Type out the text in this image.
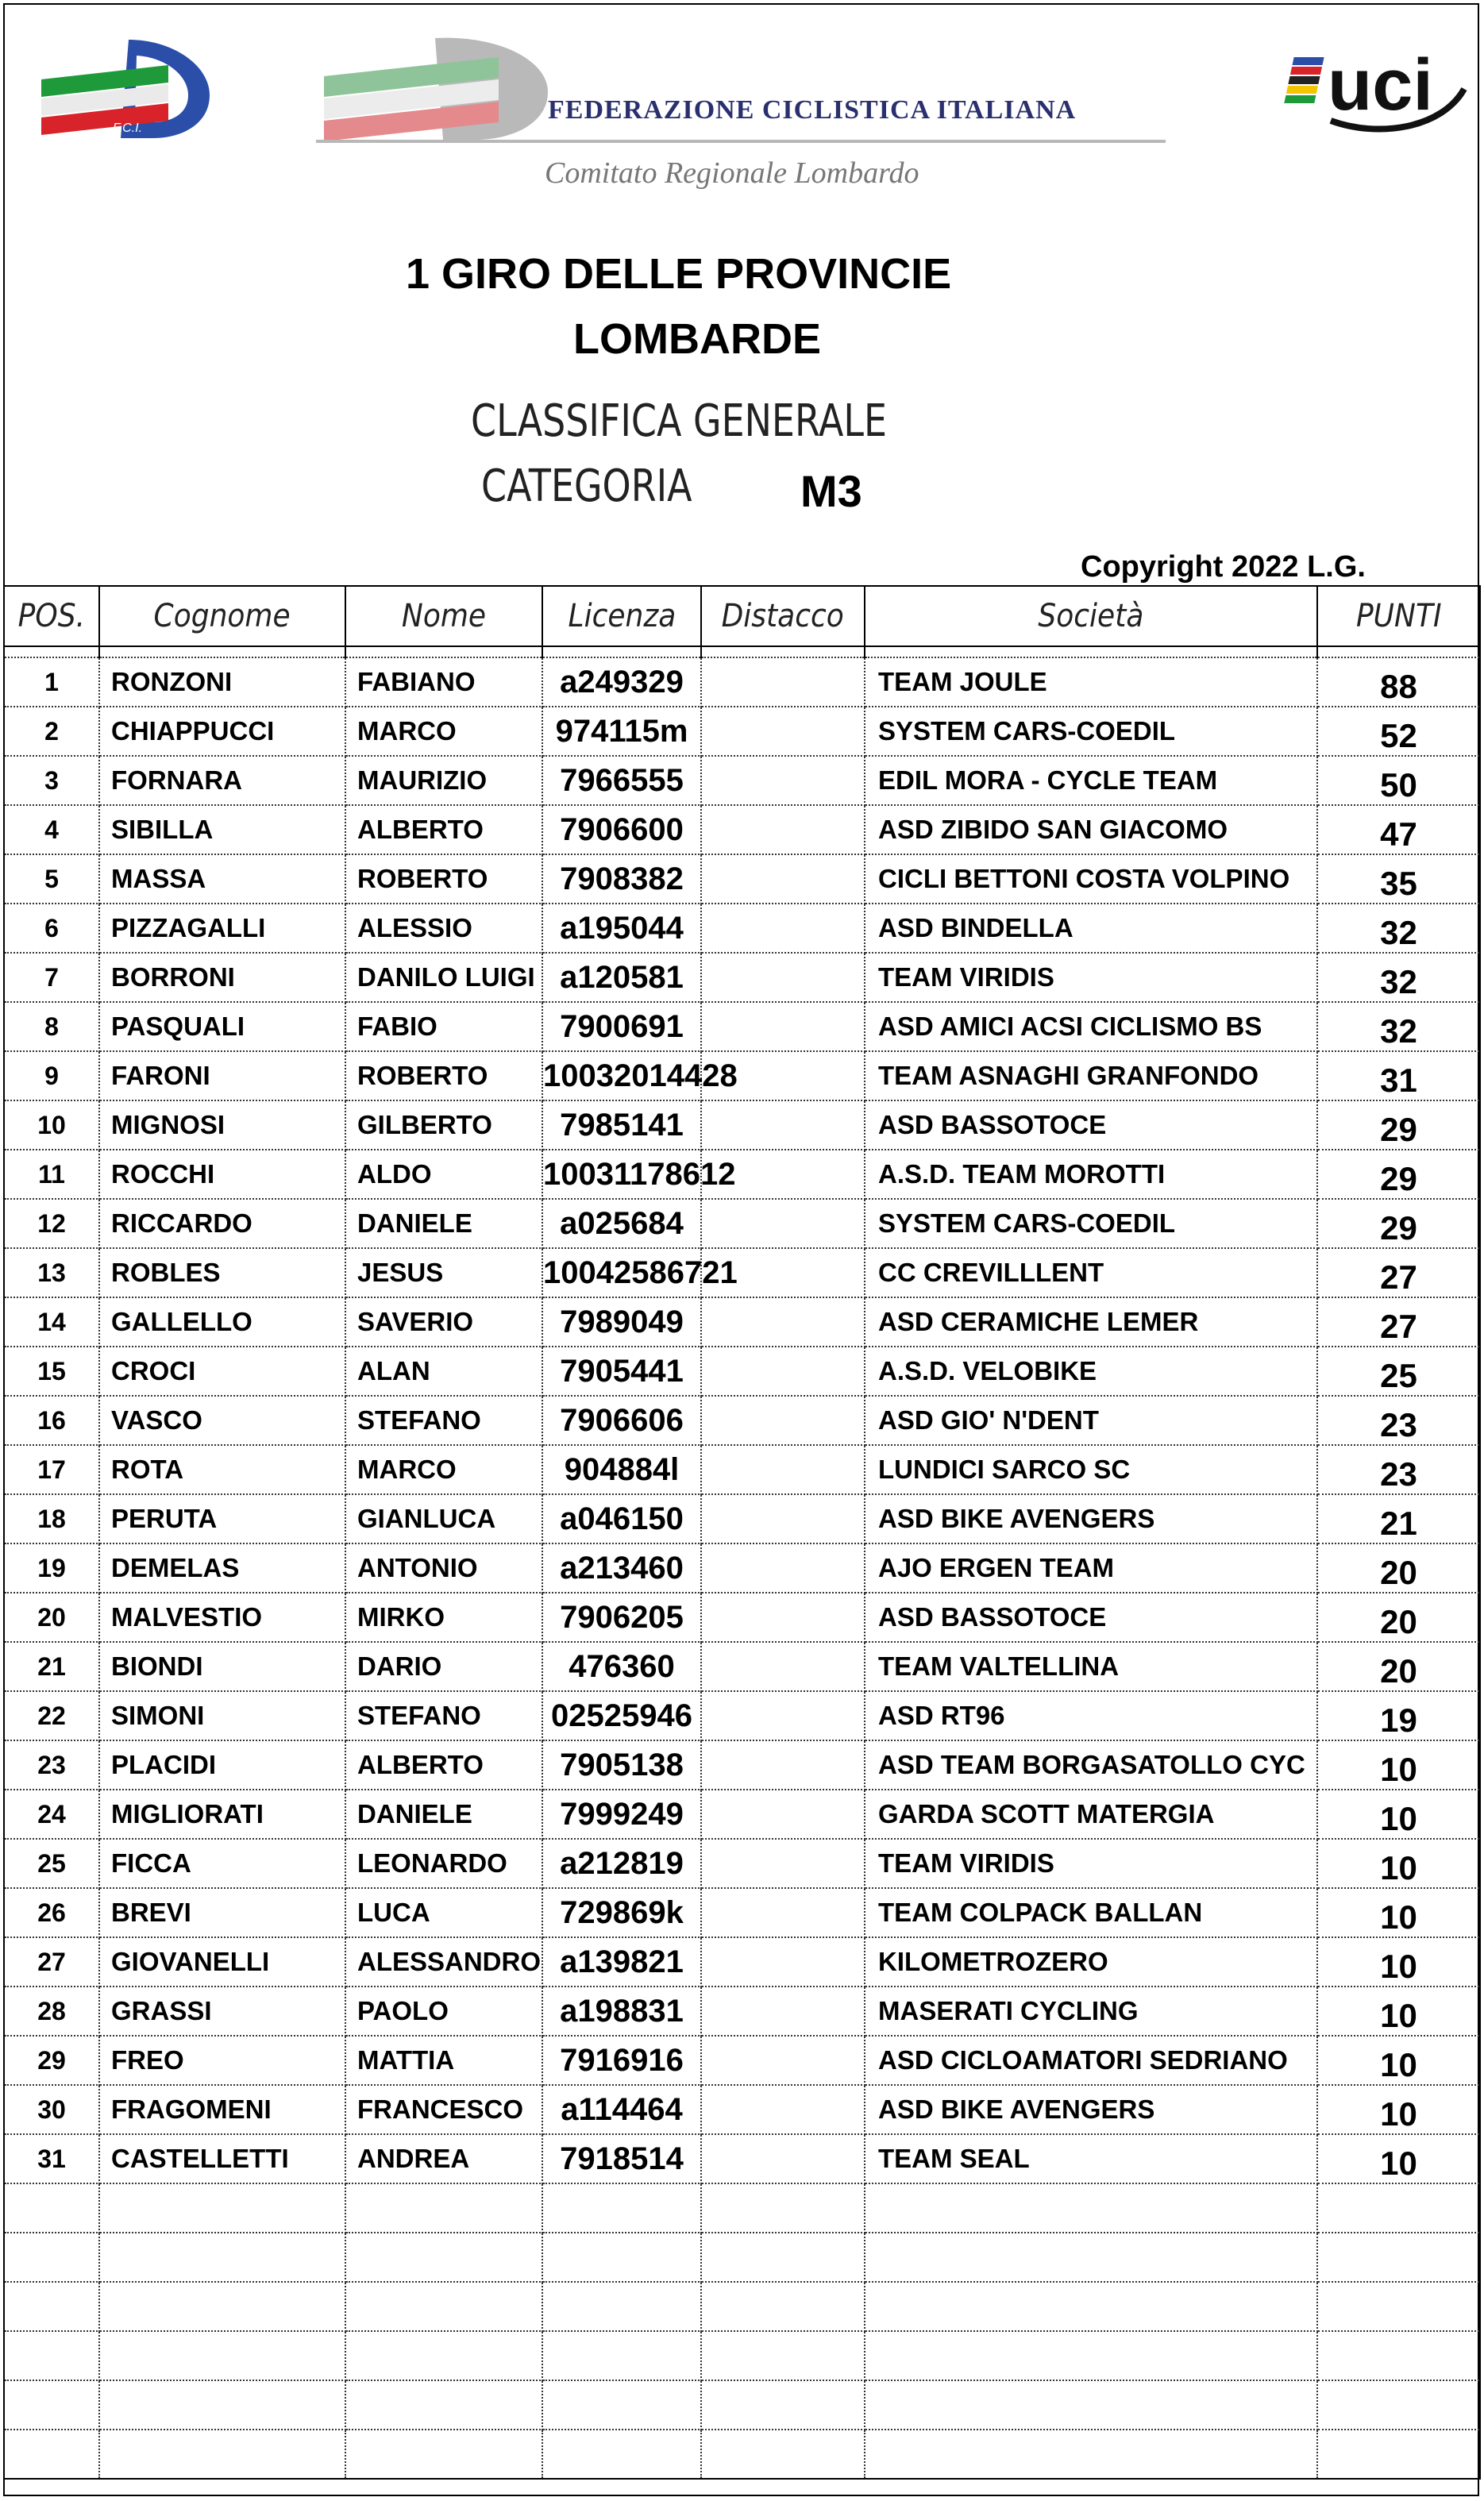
F.C.I.
FEDERAZIONE CICLISTICA ITALIANA
Comitato Regionale Lombardo
uci
1 GIRO DELLE PROVINCIE
LOMBARDE
CLASSIFICA GENERALE
CATEGORIA M3
Copyright 2022 L.G.
POS.	Cognome	Nome	Licenza	Distacco	Società	PUNTI

1	RONZONI	FABIANO	a249329		TEAM JOULE	88
2	CHIAPPUCCI	MARCO	974115m		SYSTEM CARS-COEDIL	52
3	FORNARA	MAURIZIO	7966555		EDIL MORA - CYCLE TEAM	50
4	SIBILLA	ALBERTO	7906600		ASD ZIBIDO SAN GIACOMO	47
5	MASSA	ROBERTO	7908382		CICLI BETTONI COSTA VOLPINO	35
6	PIZZAGALLI	ALESSIO	a195044		ASD BINDELLA	32
7	BORRONI	DANILO LUIGI	a120581		TEAM VIRIDIS	32
8	PASQUALI	FABIO	7900691		ASD AMICI ACSI CICLISMO BS	32
9	FARONI	ROBERTO	10032014428		TEAM ASNAGHI GRANFONDO	31
10	MIGNOSI	GILBERTO	7985141		ASD BASSOTOCE	29
11	ROCCHI	ALDO	10031178612		A.S.D. TEAM MOROTTI	29
12	RICCARDO	DANIELE	a025684		SYSTEM CARS-COEDIL	29
13	ROBLES	JESUS	10042586721		CC CREVILLLENT	27
14	GALLELLO	SAVERIO	7989049		ASD CERAMICHE LEMER	27
15	CROCI	ALAN	7905441		A.S.D. VELOBIKE	25
16	VASCO	STEFANO	7906606		ASD GIO' N'DENT	23
17	ROTA	MARCO	904884l		LUNDICI SARCO SC	23
18	PERUTA	GIANLUCA	a046150		ASD BIKE AVENGERS	21
19	DEMELAS	ANTONIO	a213460		AJO ERGEN TEAM	20
20	MALVESTIO	MIRKO	7906205		ASD BASSOTOCE	20
21	BIONDI	DARIO	476360		TEAM VALTELLINA	20
22	SIMONI	STEFANO	02525946		ASD RT96	19
23	PLACIDI	ALBERTO	7905138		ASD TEAM BORGASATOLLO CYC	10
24	MIGLIORATI	DANIELE	7999249		GARDA SCOTT MATERGIA	10
25	FICCA	LEONARDO	a212819		TEAM VIRIDIS	10
26	BREVI	LUCA	729869k		TEAM COLPACK BALLAN	10
27	GIOVANELLI	ALESSANDRO	a139821		KILOMETROZERO	10
28	GRASSI	PAOLO	a198831		MASERATI CYCLING	10
29	FREO	MATTIA	7916916		ASD CICLOAMATORI SEDRIANO	10
30	FRAGOMENI	FRANCESCO	a114464		ASD BIKE AVENGERS	10
31	CASTELLETTI	ANDREA	7918514		TEAM SEAL	10
